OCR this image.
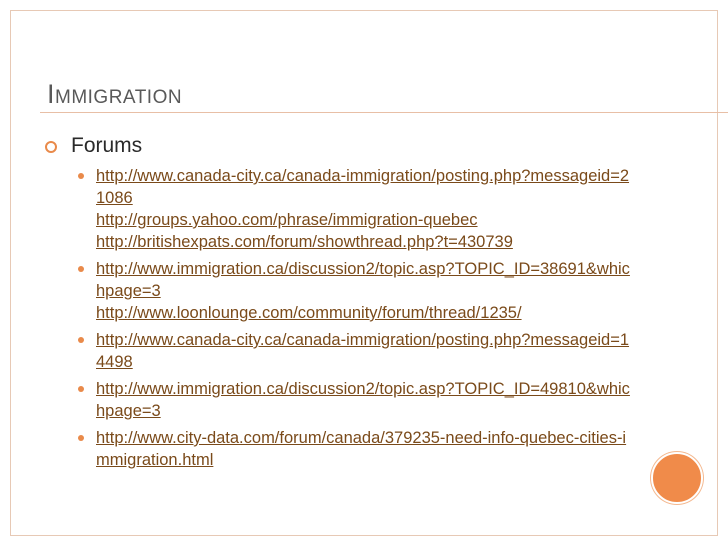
Immigration
Forums
http://www.canada-city.ca/canada-immigration/posting.php?messageid=21086
http://groups.yahoo.com/phrase/immigration-quebec
http://britishexpats.com/forum/showthread.php?t=430739
http://www.immigration.ca/discussion2/topic.asp?TOPIC_ID=38691&whichpage=3
http://www.loonlounge.com/community/forum/thread/1235/
http://www.canada-city.ca/canada-immigration/posting.php?messageid=14498
http://www.immigration.ca/discussion2/topic.asp?TOPIC_ID=49810&whichpage=3
http://www.city-data.com/forum/canada/379235-need-info-quebec-cities-immigration.html
